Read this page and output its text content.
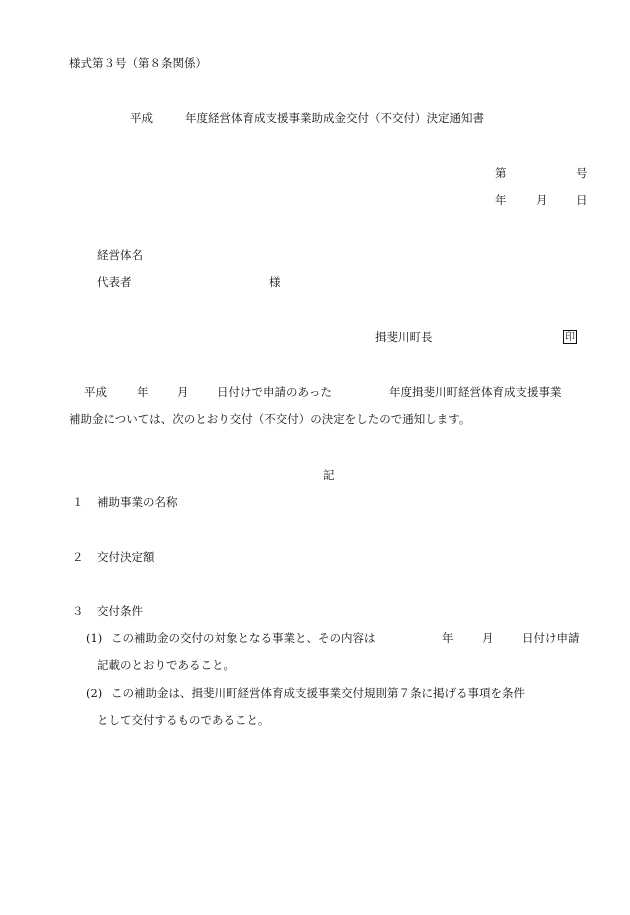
様式第３号（第８条関係）
平成	年度経営体育成支援事業助成金交付（不交付）決定通知書
第	号
年	月 日
経営体名
代表者	様
揖斐川町長	印
平成	年 月 日付けで申請のあった	年度揖斐川町経営体育成支援事業
補助金については、次のとおり交付（不交付）の決定をしたので通知します。
記
１ 補助事業の名称
２ 交付決定額
３ 交付条件
(1) この補助金の交付の対象となる事業と、その内容は	年 月 日付け申請
記載のとおりであること。
(2) この補助金は、揖斐川町経営体育成支援事業交付規則第７条に掲げる事項を条件
として交付するものであること。
